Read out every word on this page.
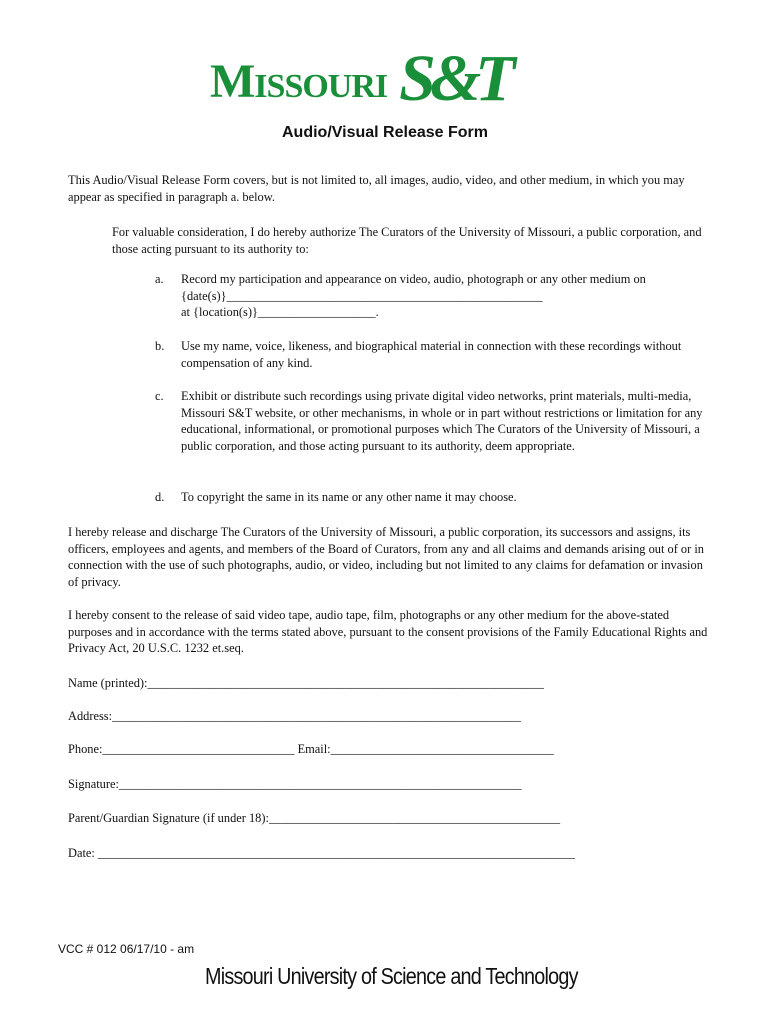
Missouri S&T
Audio/Visual Release Form
This Audio/Visual Release Form covers, but is not limited to, all images, audio, video, and other medium, in which you may appear as specified in paragraph a. below.
For valuable consideration, I do hereby authorize The Curators of the University of Missouri, a public corporation, and those acting pursuant to its authority to:
a.	Record my participation and appearance on video, audio, photograph or any other medium on
{date(s)}___________________________________________________
at {location(s)}___________________.
b.	Use my name, voice, likeness, and biographical material in connection with these recordings without compensation of any kind.
c.	Exhibit or distribute such recordings using private digital video networks, print materials, multi-media, Missouri S&T website, or other mechanisms, in whole or in part without restrictions or limitation for any educational, informational, or promotional purposes which The Curators of the University of Missouri, a public corporation, and those acting pursuant to its authority, deem appropriate.
d.	To copyright the same in its name or any other name it may choose.
I hereby release and discharge The Curators of the University of Missouri, a public corporation, its successors and assigns, its officers, employees and agents, and members of the Board of Curators, from any and all claims and demands arising out of or in connection with the use of such photographs, audio, or video, including but not limited to any claims for defamation or invasion of privacy.
I hereby consent to the release of said video tape, audio tape, film, photographs or any other medium for the above-stated purposes and in accordance with the terms stated above, pursuant to the consent provisions of the Family Educational Rights and Privacy Act, 20 U.S.C. 1232 et.seq.
Name (printed):________________________________________________________________
Address:__________________________________________________________________
Phone:_______________________________ Email:____________________________________
Signature:_________________________________________________________________
Parent/Guardian Signature (if under 18):_______________________________________________
Date: _____________________________________________________________________________
VCC # 012 06/17/10 - am
Missouri University of Science and Technology
